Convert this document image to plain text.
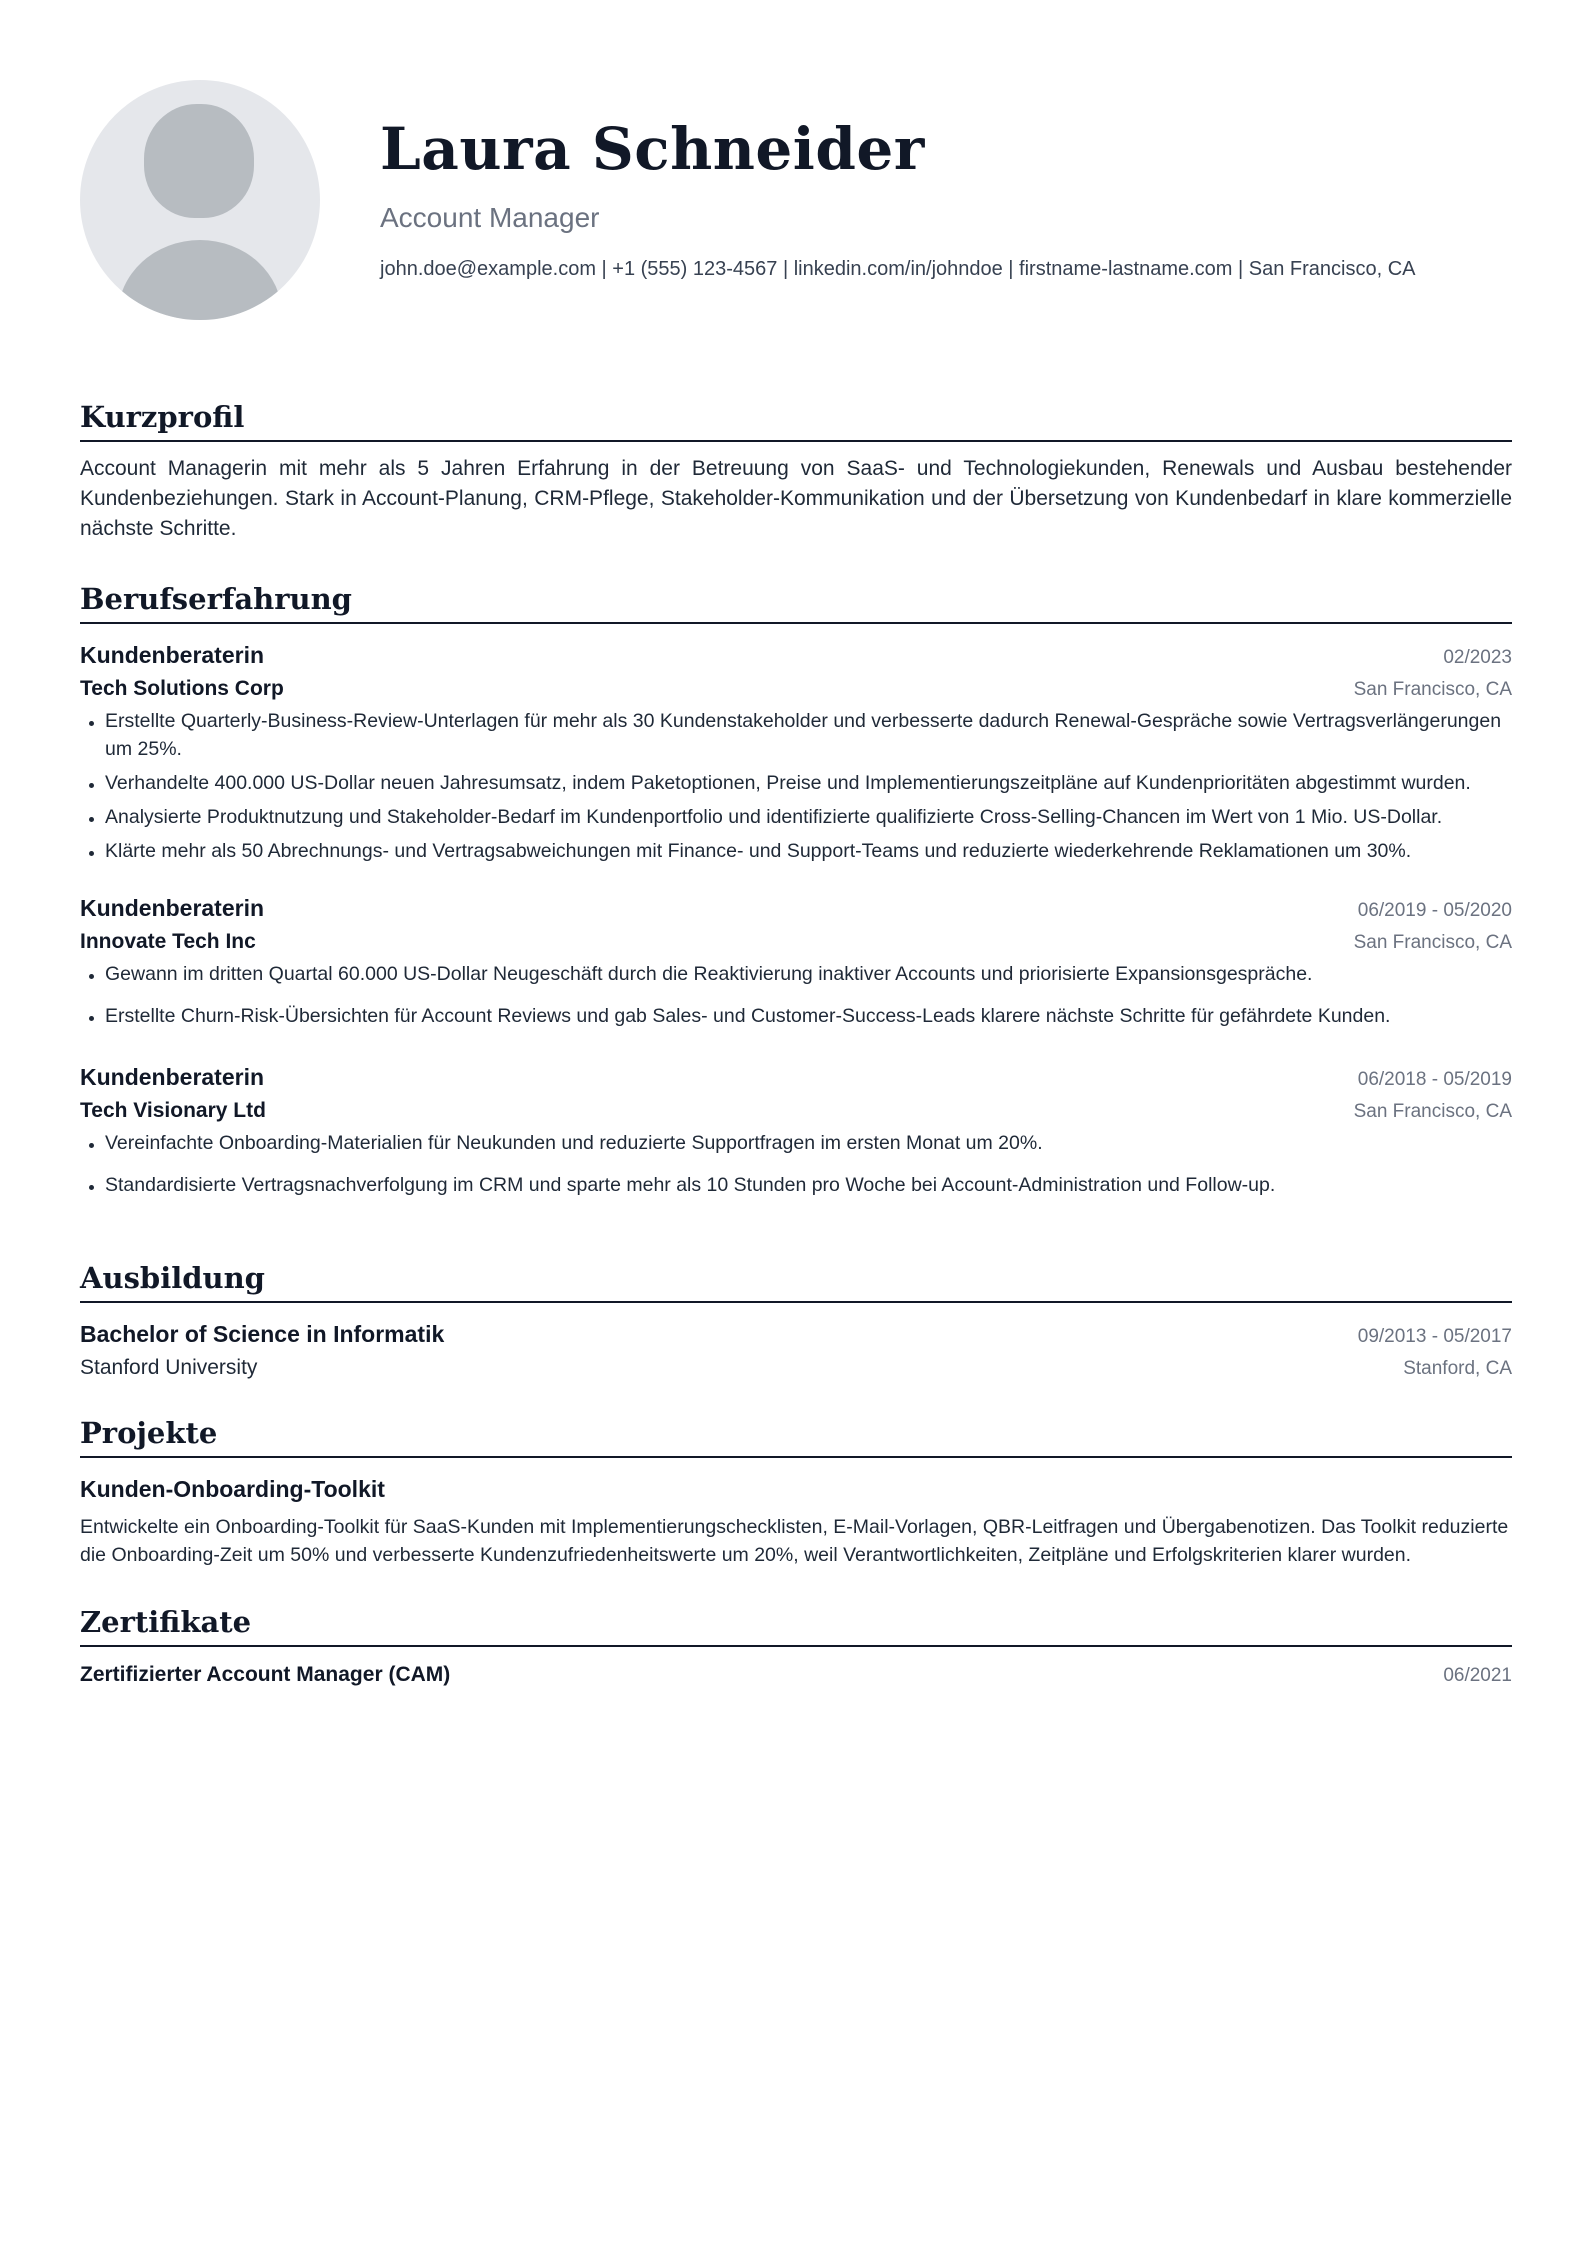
Laura Schneider

Account Manager

john.doe@example.com | +1 (555) 123-4567 | linkedin.com/in/johndoe | firstname-lastname.com | San Francisco, CA

Kurzprofil

Account Managerin mit mehr als 5 Jahren Erfahrung in der Betreuung von SaaS- und Technologiekunden, Renewals und Ausbau bestehender Kundenbeziehungen. Stark in Account-Planung, CRM-Pflege, Stakeholder-Kommunikation und der Übersetzung von Kundenbedarf in klare kommerzielle nächste Schritte.

Berufserfahrung
Kundenberaterin	02/2023
Tech Solutions Corp	San Francisco, CA
Erstellte Quarterly-Business-Review-Unterlagen für mehr als 30 Kundenstakeholder und verbesserte dadurch Renewal-Gespräche sowie Vertragsverlängerungen um 25%.
Verhandelte 400.000 US-Dollar neuen Jahresumsatz, indem Paketoptionen, Preise und Implementierungszeitpläne auf Kundenprioritäten abgestimmt wurden.
Analysierte Produktnutzung und Stakeholder-Bedarf im Kundenportfolio und identifizierte qualifizierte Cross-Selling-Chancen im Wert von 1 Mio. US-Dollar.
Klärte mehr als 50 Abrechnungs- und Vertragsabweichungen mit Finance- und Support-Teams und reduzierte wiederkehrende Reklamationen um 30%.
Kundenberaterin	06/2019 - 05/2020
Innovate Tech Inc	San Francisco, CA
Gewann im dritten Quartal 60.000 US-Dollar Neugeschäft durch die Reaktivierung inaktiver Accounts und priorisierte Expansionsgespräche.
Erstellte Churn-Risk-Übersichten für Account Reviews und gab Sales- und Customer-Success-Leads klarere nächste Schritte für gefährdete Kunden.
Kundenberaterin	06/2018 - 05/2019
Tech Visionary Ltd	San Francisco, CA
Vereinfachte Onboarding-Materialien für Neukunden und reduzierte Supportfragen im ersten Monat um 20%.
Standardisierte Vertragsnachverfolgung im CRM und sparte mehr als 10 Stunden pro Woche bei Account-Administration und Follow-up.
Ausbildung
Bachelor of Science in Informatik	09/2013 - 05/2017
Stanford University	Stanford, CA
Projekte
Kunden-Onboarding-Toolkit

Entwickelte ein Onboarding-Toolkit für SaaS-Kunden mit Implementierungschecklisten, E-Mail-Vorlagen, QBR-Leitfragen und Übergabenotizen. Das Toolkit reduzierte die Onboarding-Zeit um 50% und verbesserte Kundenzufriedenheitswerte um 20%, weil Verantwortlichkeiten, Zeitpläne und Erfolgskriterien klarer wurden.

Zertifikate
Zertifizierter Account Manager (CAM)	06/2021
